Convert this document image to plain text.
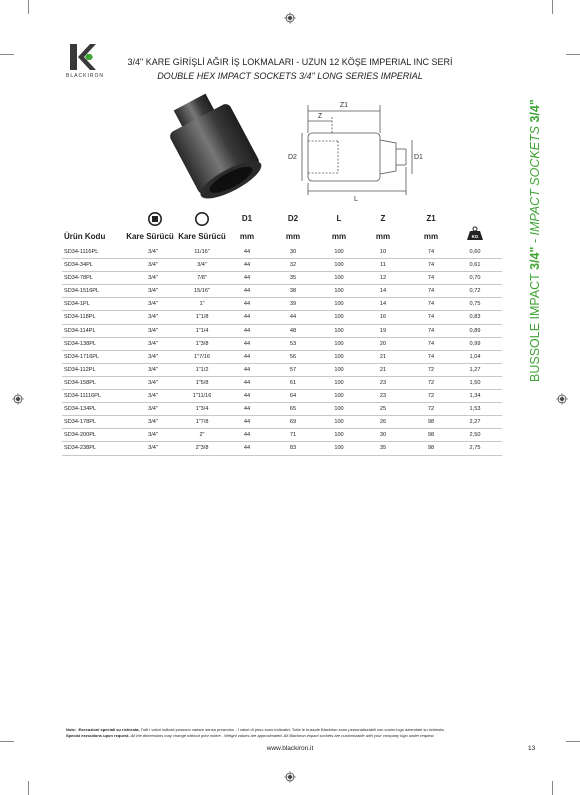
BLACKIRON
3/4" KARE GİRİŞLİ AĞIR İŞ LOKMALARI - UZUN 12 KÖŞE IMPERIAL INC SERİ
DOUBLE HEX IMPACT SOCKETS 3/4" LONG SERIES IMPERIAL
BUSSOLE IMPACT 3/4" - IMPACT SOCKETS 3/4"
Z1
Z
D2	D1
L
D1	D2	L	Z	Z1
Ürün Kodu	Kare Sürücü Kare Sürücü	mm	mm	mm	mm	mm	KG
SD34-1116PL	3/4"	11/16"	44	30	100	10	74	0,60
SD34-34PL	3/4"	3/4"	44	32	100	11	74	0,61
SD34-78PL	3/4"	7/8"	44	35	100	12	74	0,70
SD34-1516PL	3/4"	15/16"	44	38	100	14	74	0,72
SD34-1PL	3/4"	1"	44	39	100	14	74	0,75
SD34-118PL	3/4"	1"1/8	44	44	100	16	74	0,83
SD34-114PL	3/4"	1"1/4	44	48	100	19	74	0,89
SD34-138PL	3/4"	1"3/8	44	53	100	20	74	0,99
SD34-1716PL	3/4"	1"7/16	44	56	100	21	74	1,04
SD34-112PL	3/4"	1"1/2	44	57	100	21	72	1,27
SD34-158PL	3/4"	1"5/8	44	61	100	23	72	1,50
SD34-11116PL	3/4"	1"11/16	44	64	100	23	72	1,34
SD34-134PL	3/4"	1"3/4	44	65	100	25	72	1,53
SD34-178PL	3/4"	1"7/8	44	69	100	26	98	2,27
SD34-200PL	3/4"	2"	44	71	100	30	98	2,50
SD34-238PL	3/4"	2"3/8	44	83	100	35	98	2,75
Note: Esecuzioni speciali su richiesta. Tutti i valori indicati possono variare senza preavviso - I valori di peso sono indicativi. Tutte le bussole Blackiron sono personalizzabili con vostro logo aziendale su richiesta.
Special executions upon request. All the dimensions may change without prior notice - Weight values are approximated. All Blackiron impact sockets are customizable with your company logo under request.
www.blackiron.it	13
